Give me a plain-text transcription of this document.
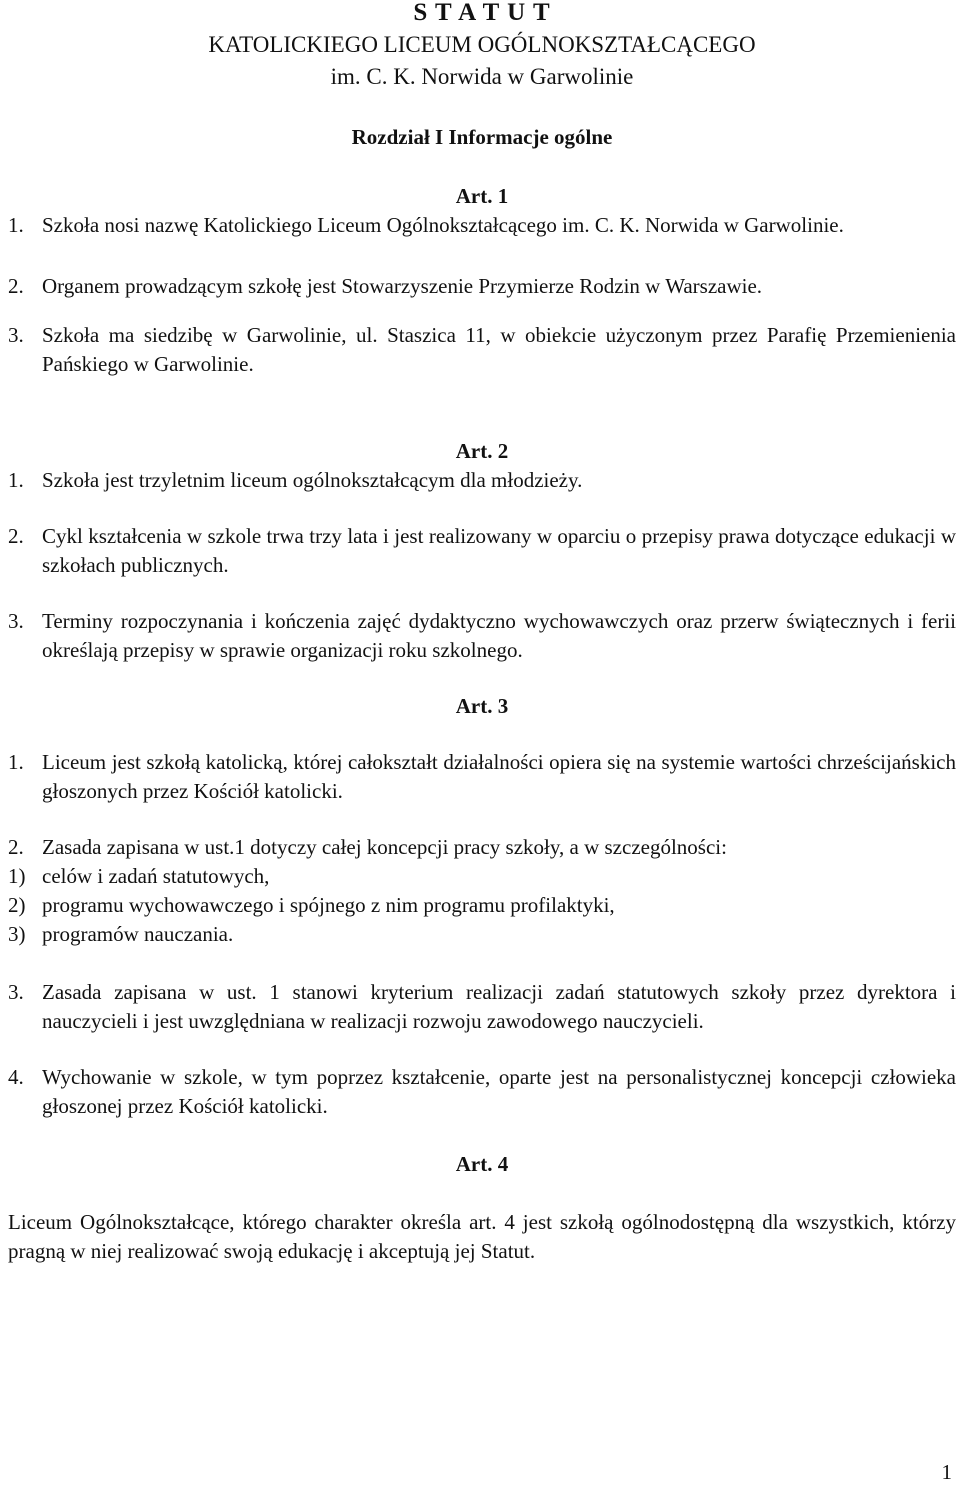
S T A T U T
KATOLICKIEGO LICEUM OGÓLNOKSZTAŁCĄCEGO
im. C. K. Norwida w Garwolinie
Rozdział I Informacje ogólne
Art. 1
1. Szkoła nosi nazwę Katolickiego Liceum Ogólnokształcącego im. C. K. Norwida w Garwolinie.
2. Organem prowadzącym szkołę jest Stowarzyszenie Przymierze Rodzin w Warszawie.
3. Szkoła ma siedzibę w Garwolinie, ul. Staszica 11, w obiekcie użyczonym przez Parafię Przemienienia Pańskiego w Garwolinie.
Art. 2
1. Szkoła jest trzyletnim liceum ogólnokształcącym dla młodzieży.
2. Cykl kształcenia w szkole trwa trzy lata i jest realizowany w oparciu o przepisy prawa dotyczące edukacji w szkołach publicznych.
3. Terminy rozpoczynania i kończenia zajęć dydaktyczno wychowawczych oraz przerw świątecznych i ferii określają przepisy w sprawie organizacji roku szkolnego.
Art. 3
1. Liceum jest szkołą katolicką, której całokształt działalności opiera się na systemie wartości chrześcijańskich głoszonych przez Kościół katolicki.
2. Zasada zapisana w ust.1 dotyczy całej koncepcji pracy szkoły, a w szczególności:
1) celów i zadań statutowych,
2) programu wychowawczego i spójnego z nim programu profilaktyki,
3) programów nauczania.
3. Zasada zapisana w ust. 1 stanowi kryterium realizacji zadań statutowych szkoły przez dyrektora i nauczycieli i jest uwzględniana w realizacji rozwoju zawodowego nauczycieli.
4. Wychowanie w szkole, w tym poprzez kształcenie, oparte jest na personalistycznej koncepcji człowieka głoszonej przez Kościół katolicki.
Art. 4
Liceum Ogólnokształcące, którego charakter określa art. 4 jest szkołą ogólnodostępną dla wszystkich, którzy pragną w niej realizować swoją edukację i akceptują jej Statut.
1
